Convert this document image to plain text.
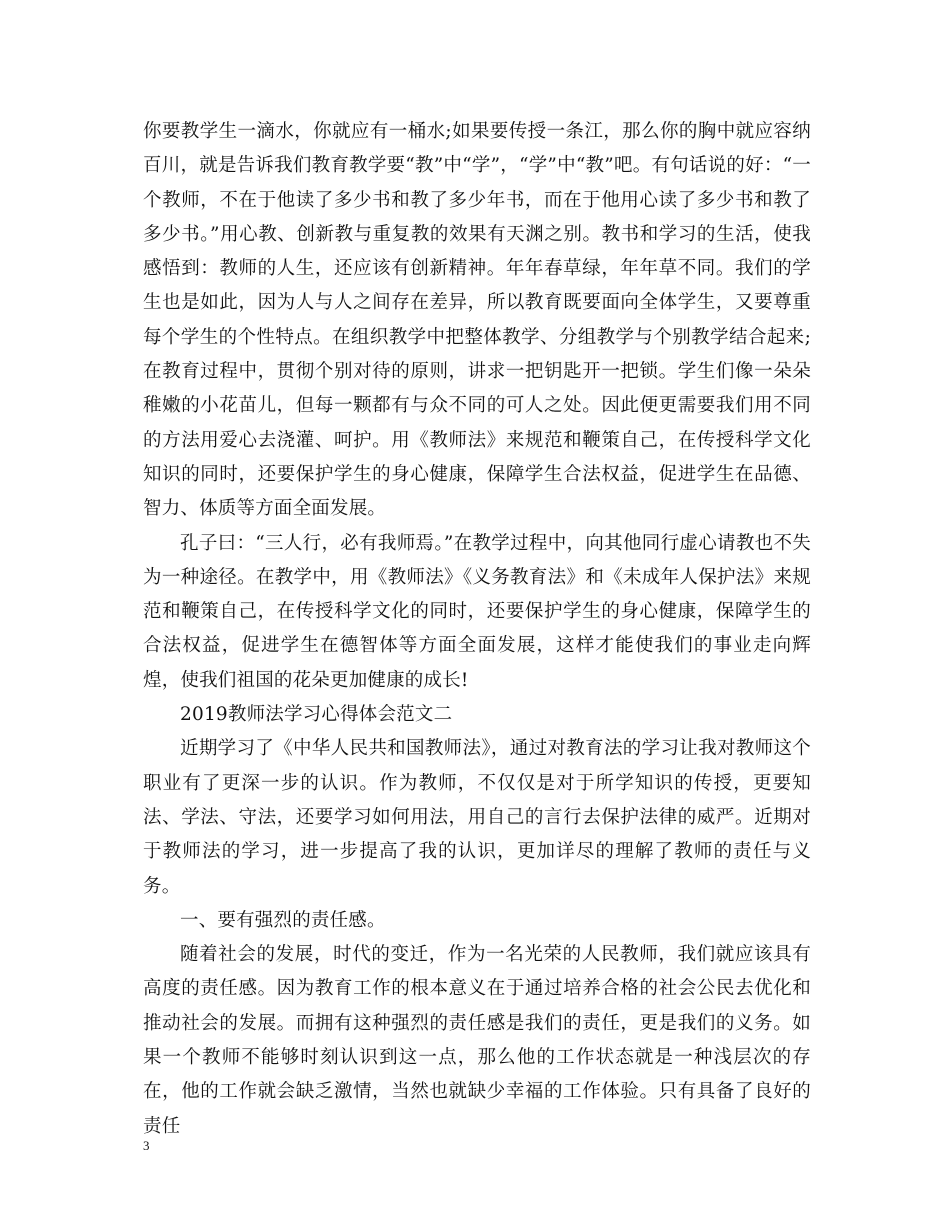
你要教学生一滴水，你就应有一桶水;如果要传授一条江，那么你的胸中就应容纳百川，就是告诉我们教育教学要“教”中“学”，“学”中“教”吧。有句话说的好：“一个教师，不在于他读了多少书和教了多少年书，而在于他用心读了多少书和教了多少书。”用心教、创新教与重复教的效果有天渊之别。教书和学习的生活，使我感悟到：教师的人生，还应该有创新精神。年年春草绿，年年草不同。我们的学生也是如此，因为人与人之间存在差异，所以教育既要面向全体学生，又要尊重每个学生的个性特点。在组织教学中把整体教学、分组教学与个别教学结合起来;在教育过程中，贯彻个别对待的原则，讲求一把钥匙开一把锁。学生们像一朵朵稚嫩的小花苗儿，但每一颗都有与众不同的可人之处。因此便更需要我们用不同的方法用爱心去浇灌、呵护。用《教师法》来规范和鞭策自己，在传授科学文化知识的同时，还要保护学生的身心健康，保障学生合法权益，促进学生在品德、智力、体质等方面全面发展。

孔子曰：“三人行，必有我师焉。”在教学过程中，向其他同行虚心请教也不失为一种途径。在教学中，用《教师法》《义务教育法》和《未成年人保护法》来规范和鞭策自己，在传授科学文化的同时，还要保护学生的身心健康，保障学生的合法权益，促进学生在德智体等方面全面发展，这样才能使我们的事业走向辉煌，使我们祖国的花朵更加健康的成长!

2019教师法学习心得体会范文二

近期学习了《中华人民共和国教师法》，通过对教育法的学习让我对教师这个职业有了更深一步的认识。作为教师，不仅仅是对于所学知识的传授，更要知法、学法、守法，还要学习如何用法，用自己的言行去保护法律的威严。近期对于教师法的学习，进一步提高了我的认识，更加详尽的理解了教师的责任与义务。

一、要有强烈的责任感。

随着社会的发展，时代的变迁，作为一名光荣的人民教师，我们就应该具有高度的责任感。因为教育工作的根本意义在于通过培养合格的社会公民去优化和推动社会的发展。而拥有这种强烈的责任感是我们的责任，更是我们的义务。如果一个教师不能够时刻认识到这一点，那么他的工作状态就是一种浅层次的存在，他的工作就会缺乏激情，当然也就缺少幸福的工作体验。只有具备了良好的责任

3
